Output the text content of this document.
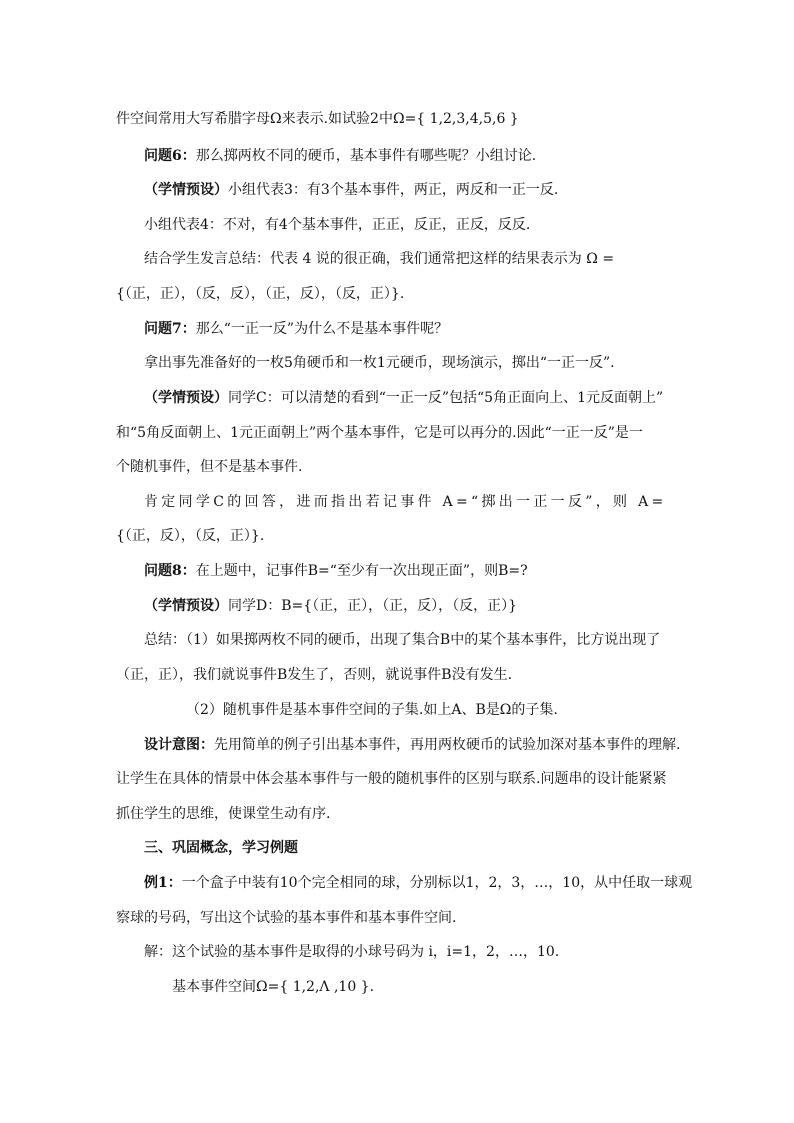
件空间常用大写希腊字母Ω来表示.如试验2中Ω={ 1,2,3,4,5,6 }
问题6：那么掷两枚不同的硬币，基本事件有哪些呢？小组讨论.
（学情预设）小组代表3：有3个基本事件，两正，两反和一正一反.
小组代表4：不对，有4个基本事件，正正，反正，正反，反反.
结合学生发言总结：代表 4 说的很正确，我们通常把这样的结果表示为 Ω =
{（正，正），（反，反），（正，反），（反，正）}.
问题7：那么“一正一反”为什么不是基本事件呢？
拿出事先准备好的一枚5角硬币和一枚1元硬币，现场演示，掷出“一正一反”.
（学情预设）同学C：可以清楚的看到“一正一反”包括“5角正面向上、1元反面朝上”
和“5角反面朝上、1元正面朝上”两个基本事件，它是可以再分的.因此“一正一反”是一
个随机事件，但不是基本事件.
肯定同学C的回答，进而指出若记事件 A=“掷出一正一反”，则 A=
{（正，反），（反，正）}.
问题8：在上题中，记事件B=“至少有一次出现正面”，则B=?
（学情预设）同学D：B={（正，正），（正，反），（反，正）}
总结：（1）如果掷两枚不同的硬币，出现了集合B中的某个基本事件，比方说出现了
（正，正），我们就说事件B发生了，否则，就说事件B没有发生.
（2）随机事件是基本事件空间的子集.如上A、B是Ω的子集.
设计意图：先用简单的例子引出基本事件，再用两枚硬币的试验加深对基本事件的理解.
让学生在具体的情景中体会基本事件与一般的随机事件的区别与联系.问题串的设计能紧紧
抓住学生的思维，使课堂生动有序.
三、巩固概念，学习例题
例1：一个盒子中装有10个完全相同的球，分别标以1，2，3，…，10，从中任取一球观
察球的号码，写出这个试验的基本事件和基本事件空间.
解：这个试验的基本事件是取得的小球号码为 i，i=1，2，…，10.
基本事件空间Ω={ 1,2,Λ ,10 }.
